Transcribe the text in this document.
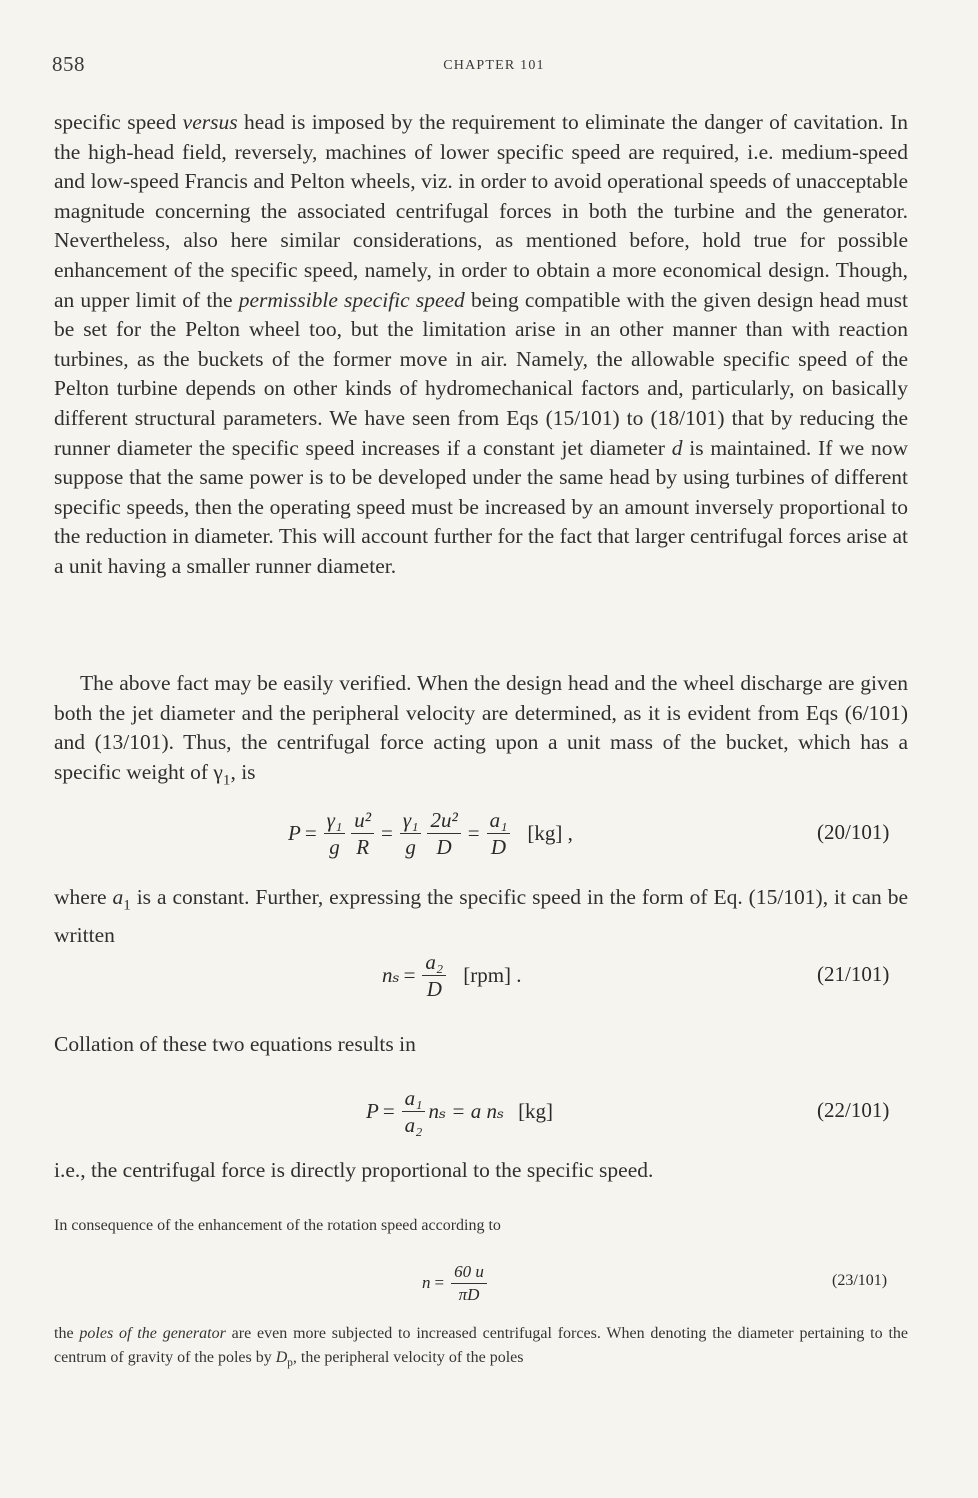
858	CHAPTER 101
specific speed versus head is imposed by the requirement to eliminate the danger of cavitation. In the high-head field, reversely, machines of lower specific speed are required, i.e. medium-speed and low-speed Francis and Pelton wheels, viz. in order to avoid operational speeds of unacceptable magnitude concerning the associated centrifugal forces in both the turbine and the generator. Nevertheless, also here similar considerations, as mentioned before, hold true for possible enhancement of the specific speed, namely, in order to obtain a more economical design. Though, an upper limit of the permissible specific speed being compatible with the given design head must be set for the Pelton wheel too, but the limitation arise in an other manner than with reaction turbines, as the buckets of the former move in air. Namely, the allowable specific speed of the Pelton turbine depends on other kinds of hydromechanical factors and, particularly, on basically different structural parameters. We have seen from Eqs (15/101) to (18/101) that by reducing the runner diameter the specific speed increases if a constant jet diameter d is maintained. If we now suppose that the same power is to be developed under the same head by using turbines of different specific speeds, then the operating speed must be increased by an amount inversely proportional to the reduction in diameter. This will account further for the fact that larger centrifugal forces arise at a unit having a smaller runner diameter.
The above fact may be easily verified. When the design head and the wheel discharge are given both the jet diameter and the peripheral velocity are determined, as it is evident from Eqs (6/101) and (13/101). Thus, the centrifugal force acting upon a unit mass of the bucket, which has a specific weight of $\gamma_1$, is
$P = \frac{\text{γ₁}}{g} \frac{\text{u²}}{R} = \frac{\text{γ₁}}{g} \frac{\text{2u²}}{D} = \frac{\text{a₁}}{D} [kg]$ ,	(20/101)
where $a_1$ is a constant. Further, expressing the specific speed in the form of Eq. (15/101), it can be written
$n_s = \frac{\text{a₂}}{D} [rpm]$ .	(21/101)
Collation of these two equations results in
$P = \frac{\text{a₁}}{\text{a₂}}$ nₛ = a nₛ [kg]	(22/101)
i.e., the centrifugal force is directly proportional to the specific speed.
In consequence of the enhancement of the rotation speed according to
$n = \frac{60 u}{\pi D}$	(23/101)
the poles of the generator are even more subjected to increased centrifugal forces. When denoting the diameter pertaining to the centrum of gravity of the poles by $D_p$, the peripheral velocity of the poles
